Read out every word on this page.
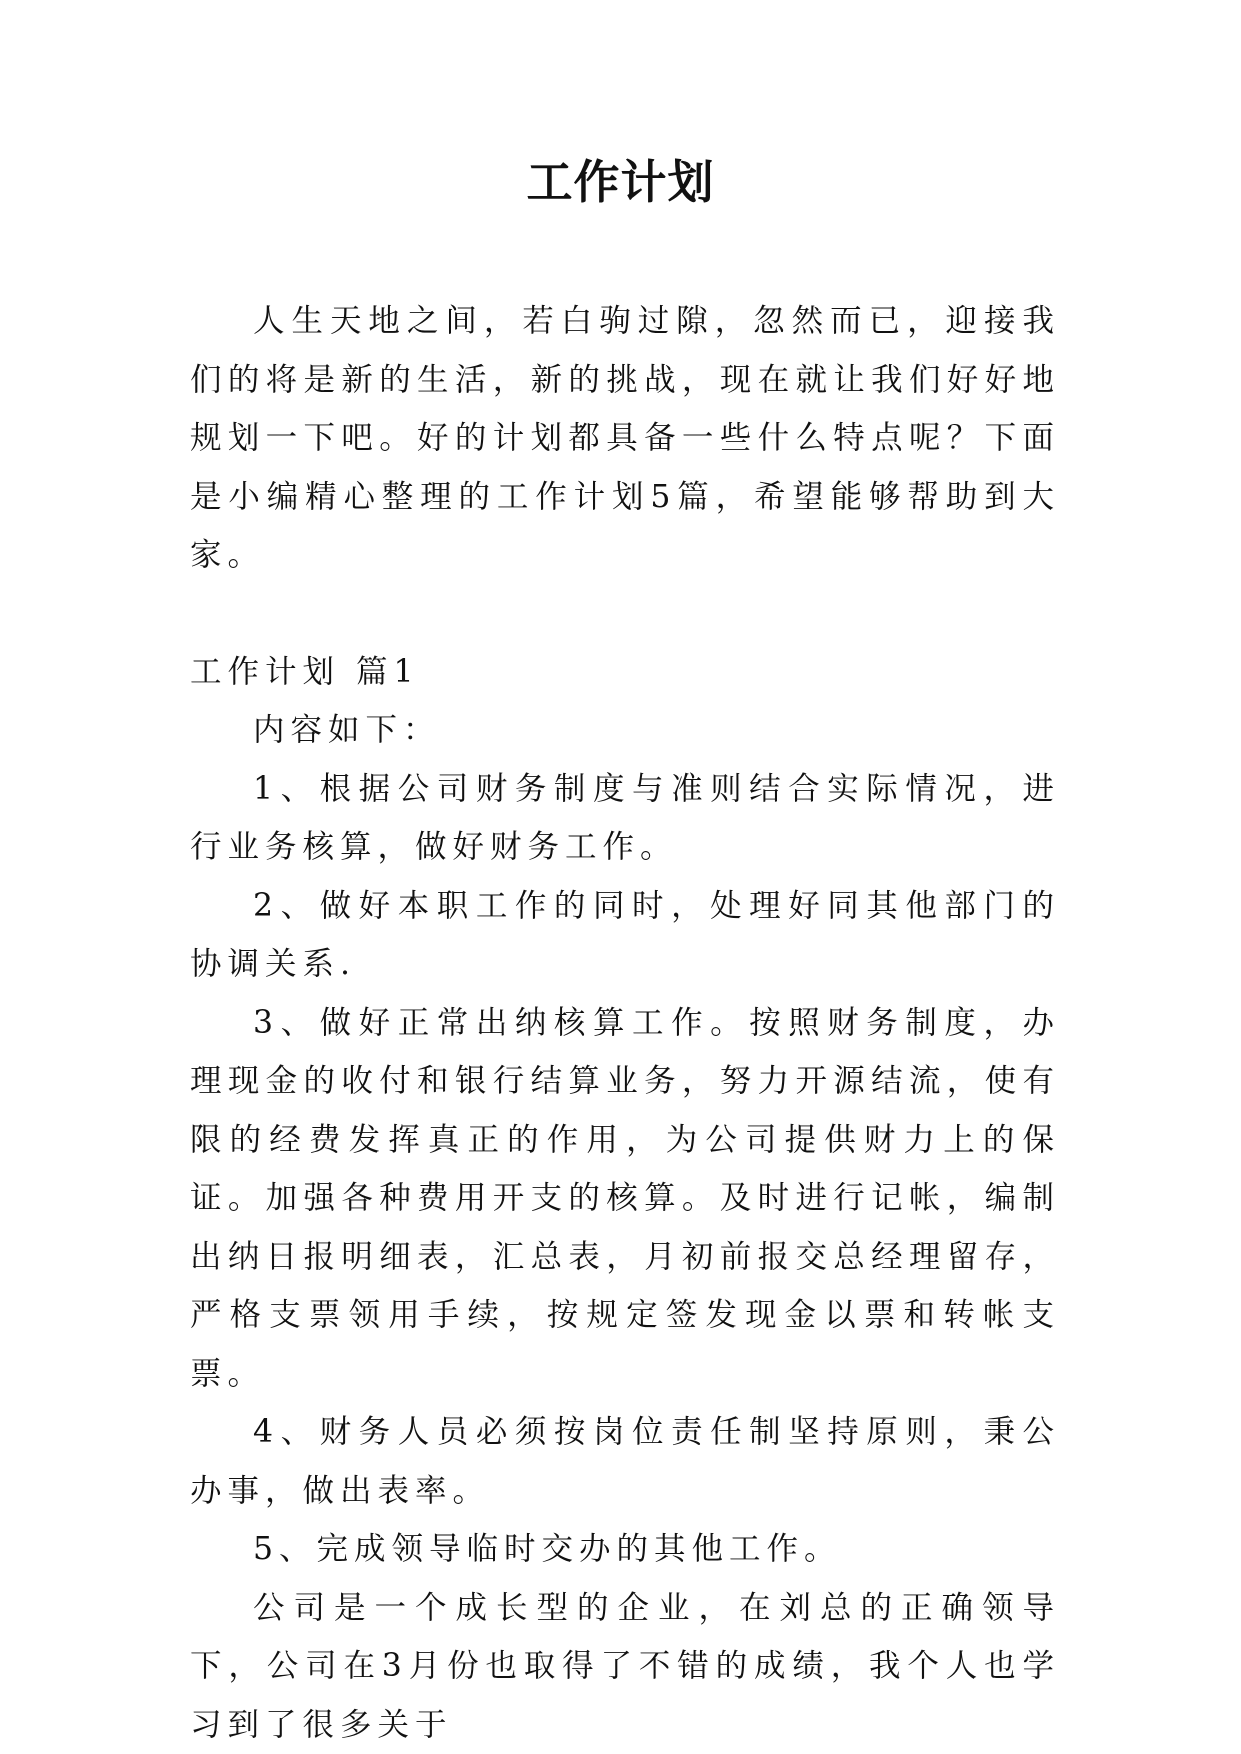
工作计划

人生天地之间，若白驹过隙，忽然而已，迎接我们的将是新的生活，新的挑战，现在就让我们好好地规划一下吧。好的计划都具备一些什么特点呢？下面是小编精心整理的工作计划5篇，希望能够帮助到大家。

工作计划 篇1

内容如下：

1、根据公司财务制度与准则结合实际情况，进行业务核算，做好财务工作。

2、做好本职工作的同时，处理好同其他部门的协调关系.

3、做好正常出纳核算工作。按照财务制度，办理现金的收付和银行结算业务，努力开源结流，使有限的经费发挥真正的作用，为公司提供财力上的保证。加强各种费用开支的核算。及时进行记帐，编制出纳日报明细表，汇总表，月初前报交总经理留存，严格支票领用手续，按规定签发现金以票和转帐支票。

4、财务人员必须按岗位责任制坚持原则，秉公办事，做出表率。

5、完成领导临时交办的其他工作。

公司是一个成长型的企业，在刘总的正确领导下，公司在3月份也取得了不错的成绩，我个人也学习到了很多关于
